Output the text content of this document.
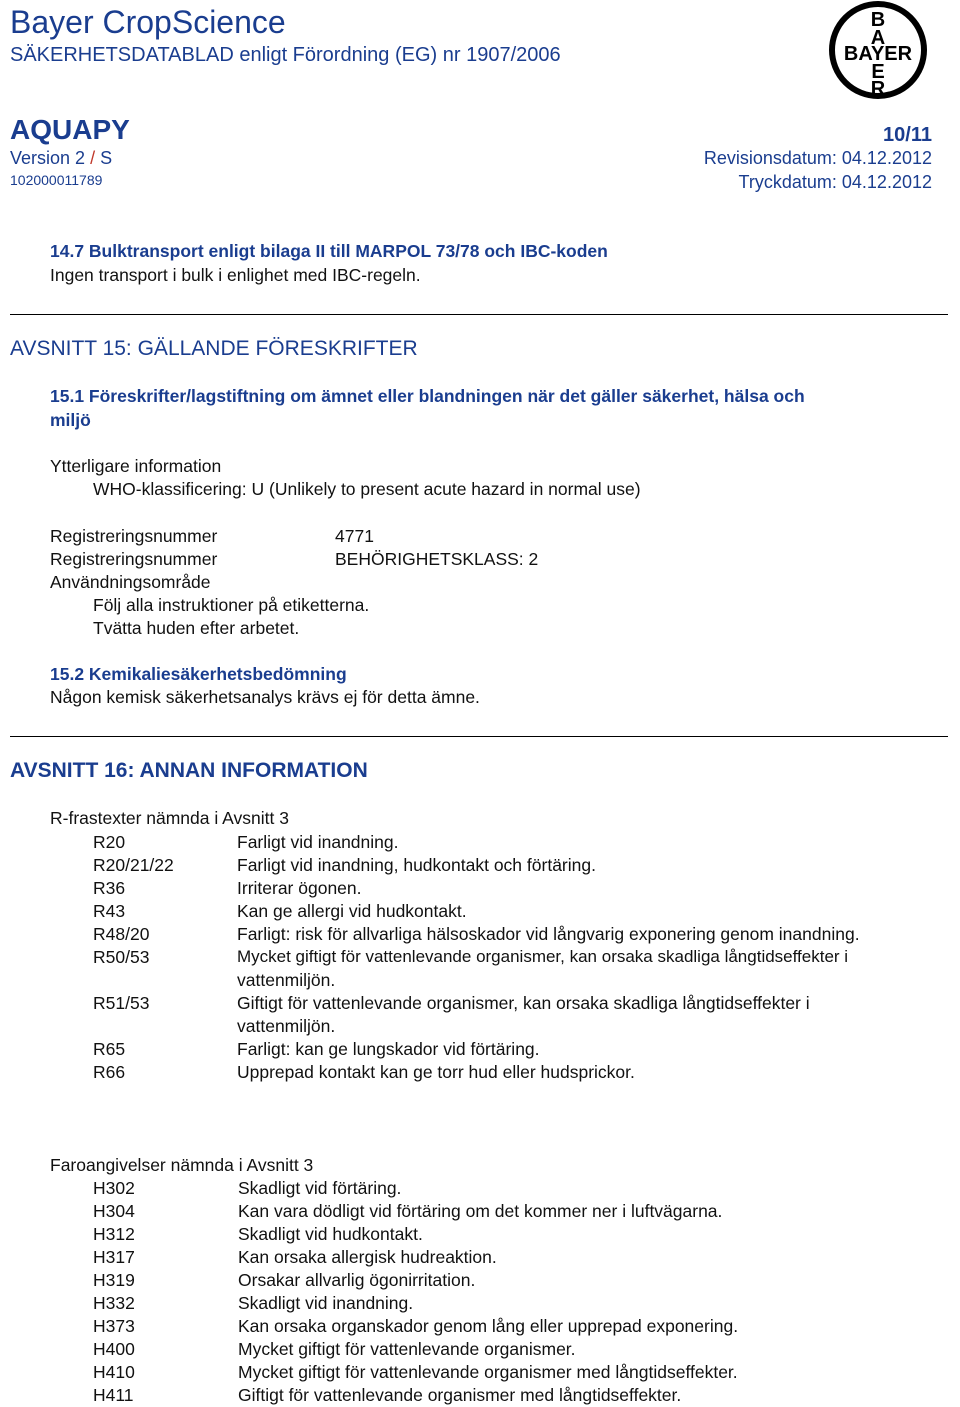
Bayer CropScience
SÄKERHETSDATABLAD enligt Förordning (EG) nr 1907/2006
B
A
BAYER
E
R
AQUAPY
Version 2 / S
102000011789
10/11
Revisionsdatum: 04.12.2012
Tryckdatum: 04.12.2012
14.7 Bulktransport enligt bilaga II till MARPOL 73/78 och IBC-koden
Ingen transport i bulk i enlighet med IBC-regeln.
AVSNITT 15: GÄLLANDE FÖRESKRIFTER
15.1 Föreskrifter/lagstiftning om ämnet eller blandningen när det gäller säkerhet, hälsa och
miljö
Ytterligare information
WHO-klassificering: U (Unlikely to present acute hazard in normal use)
Registreringsnummer	4771
Registreringsnummer	BEHÖRIGHETSKLASS: 2
Användningsområde
Följ alla instruktioner på etiketterna.
Tvätta huden efter arbetet.
15.2 Kemikaliesäkerhetsbedömning
Någon kemisk säkerhetsanalys krävs ej för detta ämne.
AVSNITT 16: ANNAN INFORMATION
R-frastexter nämnda i Avsnitt 3
R20	Farligt vid inandning.
R20/21/22	Farligt vid inandning, hudkontakt och förtäring.
R36	Irriterar ögonen.
R43	Kan ge allergi vid hudkontakt.
R48/20	Farligt: risk för allvarliga hälsoskador vid långvarig exponering genom inandning.
R50/53	Mycket giftigt för vattenlevande organismer, kan orsaka skadliga långtidseffekter i
vattenmiljön.
R51/53	Giftigt för vattenlevande organismer, kan orsaka skadliga långtidseffekter i
vattenmiljön.
R65	Farligt: kan ge lungskador vid förtäring.
R66	Upprepad kontakt kan ge torr hud eller hudsprickor.
Faroangivelser nämnda i Avsnitt 3
H302	Skadligt vid förtäring.
H304	Kan vara dödligt vid förtäring om det kommer ner i luftvägarna.
H312	Skadligt vid hudkontakt.
H317	Kan orsaka allergisk hudreaktion.
H319	Orsakar allvarlig ögonirritation.
H332	Skadligt vid inandning.
H373	Kan orsaka organskador genom lång eller upprepad exponering.
H400	Mycket giftigt för vattenlevande organismer.
H410	Mycket giftigt för vattenlevande organismer med långtidseffekter.
H411	Giftigt för vattenlevande organismer med långtidseffekter.
